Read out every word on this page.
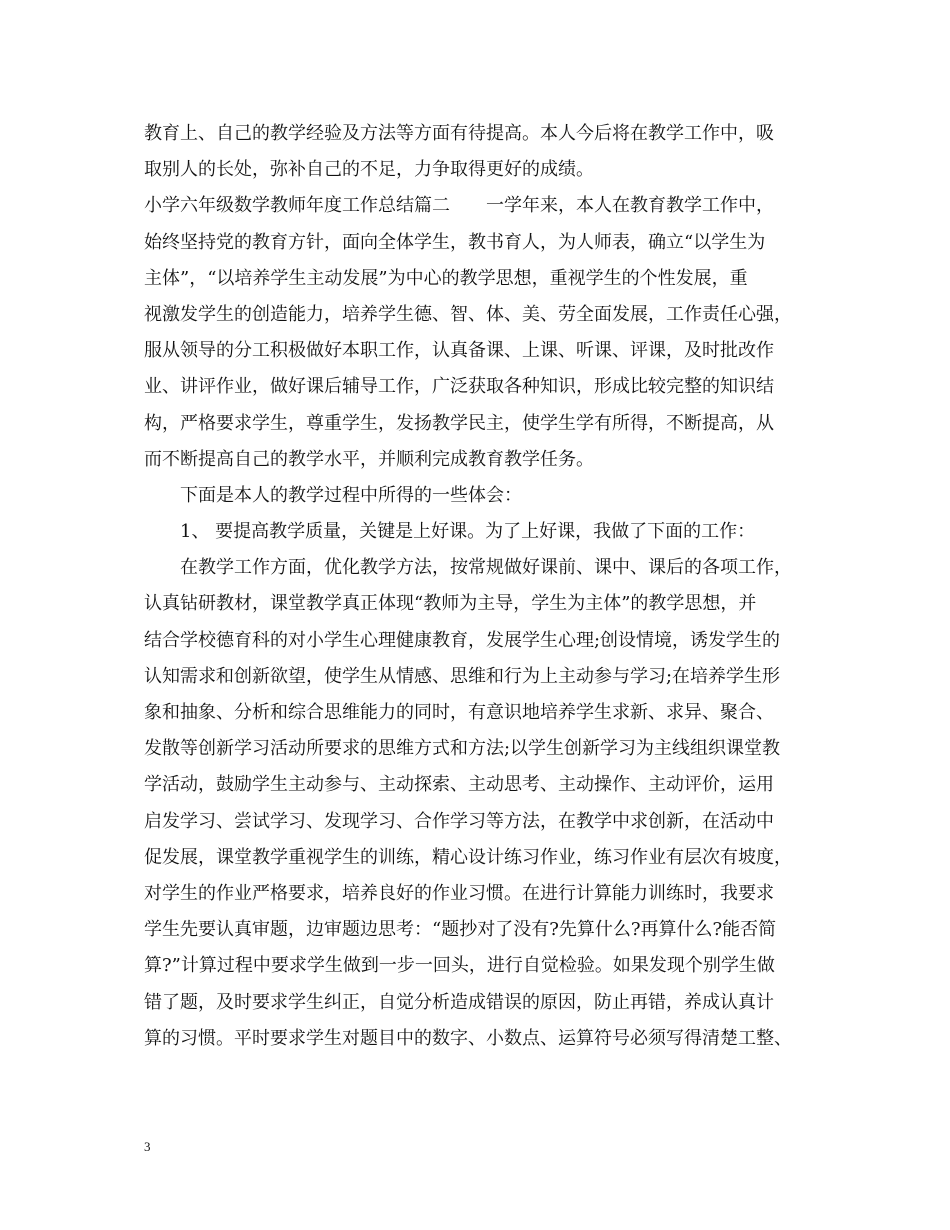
教育上、自己的教学经验及方法等方面有待提高。本人今后将在教学工作中，吸
取别人的长处，弥补自己的不足，力争取得更好的成绩。
小学六年级数学教师年度工作总结篇二　　一学年来，本人在教育教学工作中，
始终坚持党的教育方针，面向全体学生，教书育人，为人师表，确立“以学生为
主体”，“以培养学生主动发展”为中心的教学思想，重视学生的个性发展，重
视激发学生的创造能力，培养学生德、智、体、美、劳全面发展，工作责任心强，
服从领导的分工积极做好本职工作，认真备课、上课、听课、评课，及时批改作
业、讲评作业，做好课后辅导工作，广泛获取各种知识，形成比较完整的知识结
构，严格要求学生，尊重学生，发扬教学民主，使学生学有所得，不断提高，从
而不断提高自己的教学水平，并顺利完成教育教学任务。
　　下面是本人的教学过程中所得的一些体会：
　　1、 要提高教学质量，关键是上好课。为了上好课，我做了下面的工作：
　　在教学工作方面，优化教学方法，按常规做好课前、课中、课后的各项工作，
认真钻研教材，课堂教学真正体现“教师为主导，学生为主体”的教学思想，并
结合学校德育科的对小学生心理健康教育，发展学生心理;创设情境，诱发学生的
认知需求和创新欲望，使学生从情感、思维和行为上主动参与学习;在培养学生形
象和抽象、分析和综合思维能力的同时，有意识地培养学生求新、求异、聚合、
发散等创新学习活动所要求的思维方式和方法;以学生创新学习为主线组织课堂教
学活动，鼓励学生主动参与、主动探索、主动思考、主动操作、主动评价，运用
启发学习、尝试学习、发现学习、合作学习等方法，在教学中求创新，在活动中
促发展，课堂教学重视学生的训练，精心设计练习作业，练习作业有层次有坡度，
对学生的作业严格要求，培养良好的作业习惯。在进行计算能力训练时，我要求
学生先要认真审题，边审题边思考：“题抄对了没有?先算什么?再算什么?能否简
算?”计算过程中要求学生做到一步一回头，进行自觉检验。如果发现个别学生做
错了题，及时要求学生纠正，自觉分析造成错误的原因，防止再错，养成认真计
算的习惯。平时要求学生对题目中的数字、小数点、运算符号必须写得清楚工整、
3
